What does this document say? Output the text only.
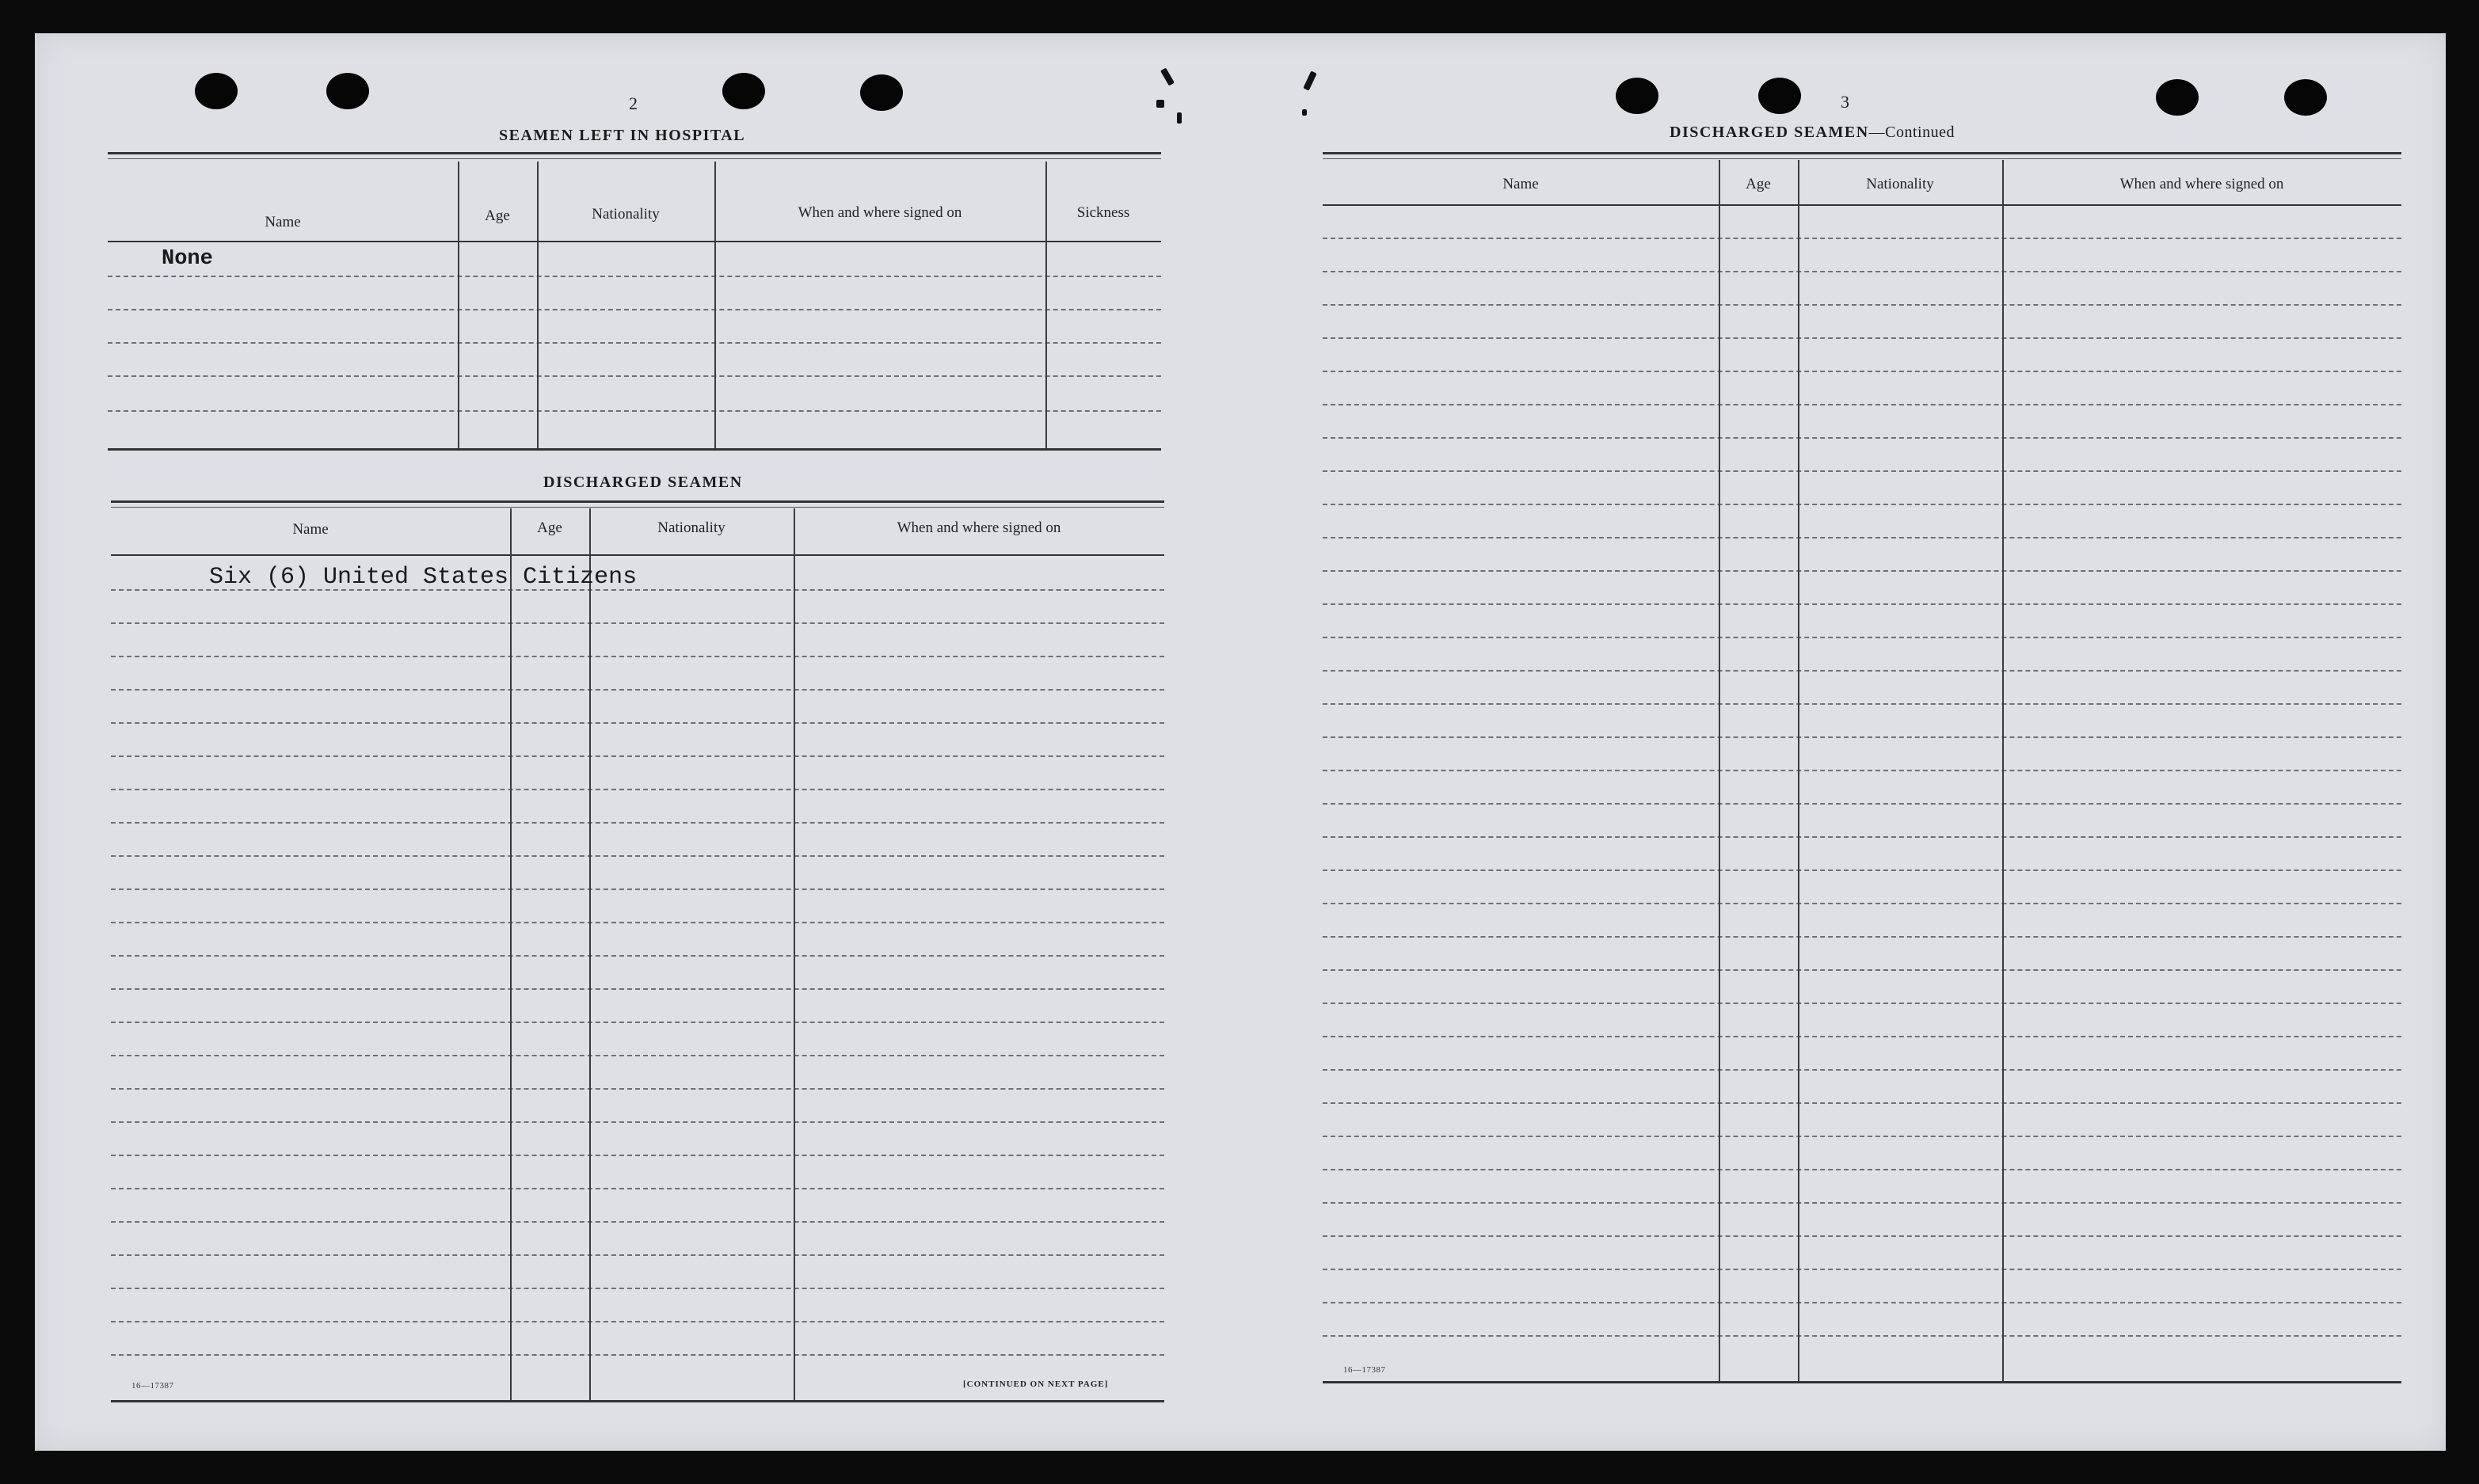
2
SEAMEN LEFT IN HOSPITAL
Name	Age	Nationality	When and where signed on	Sickness
None
DISCHARGED SEAMEN
Name	Age	Nationality	When and where signed on
Six (6) United States Citizens
16—17387	[CONTINUED ON NEXT PAGE]
3
DISCHARGED SEAMEN—Continued
Name	Age	Nationality	When and where signed on
16—17387
